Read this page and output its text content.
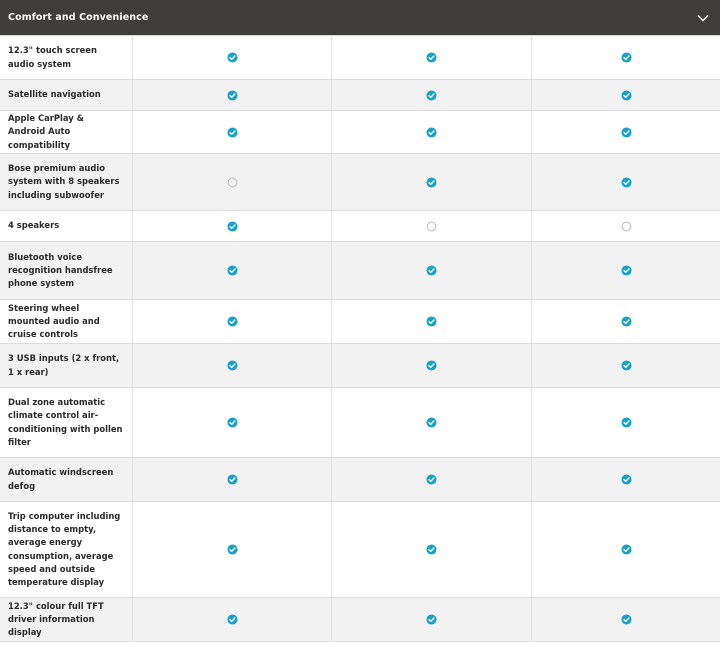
Comfort and Convenience
12.3" touch screen audio system
Satellite navigation
Apple CarPlay & Android Auto compatibility
Bose premium audio system with 8 speakers including subwoofer
4 speakers
Bluetooth voice recognition handsfree phone system
Steering wheel mounted audio and cruise controls
3 USB inputs (2 x front, 1 x rear)
Dual zone automatic climate control air-conditioning with pollen filter
Automatic windscreen defog
Trip computer including distance to empty, average energy consumption, average speed and outside temperature display
12.3" colour full TFT driver information display
